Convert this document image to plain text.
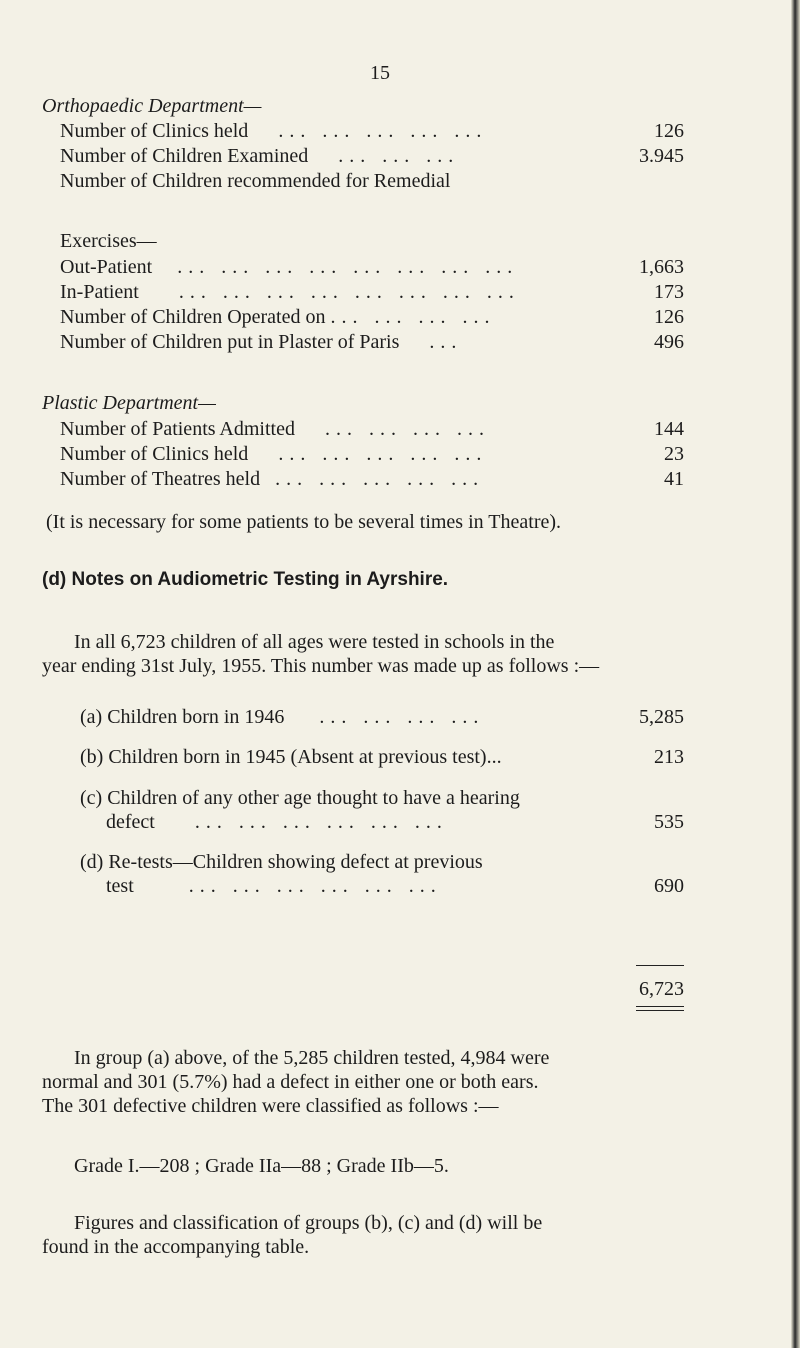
15
Orthopaedic Department—
Number of Clinics held ... ... ... ... ...	126
Number of Children Examined ... ... ...	3.945
Number of Children recommended for Remedial
Exercises—
Out-Patient ... ... ... ... ... ... ... ...	1,663
In-Patient ... ... ... ... ... ... ... ...	173
Number of Children Operated on ... ... ... ...	126
Number of Children put in Plaster of Paris ...	496
Plastic Department—
Number of Patients Admitted ... ... ... ...	144
Number of Clinics held ... ... ... ... ...	23
Number of Theatres held ... ... ... ... ...	41
(It is necessary for some patients to be several times in Theatre).
(d) Notes on Audiometric Testing in Ayrshire.
In all 6,723 children of all ages were tested in schools in the
year ending 31st July, 1955. This number was made up as follows :—
(a) Children born in 1946 ... ... ... ...	5,285
(b) Children born in 1945 (Absent at previous test)...	213
(c) Children of any other age thought to have a hearing
defect ... ... ... ... ... ...	535
(d) Re-tests—Children showing defect at previous
test	... ... ... ... ... ...	690
6,723
In group (a) above, of the 5,285 children tested, 4,984 were
normal and 301 (5.7%) had a defect in either one or both ears.
The 301 defective children were classified as follows :—
Grade I.—208 ; Grade IIa—88 ; Grade IIb—5.
Figures and classification of groups (b), (c) and (d) will be
found in the accompanying table.
